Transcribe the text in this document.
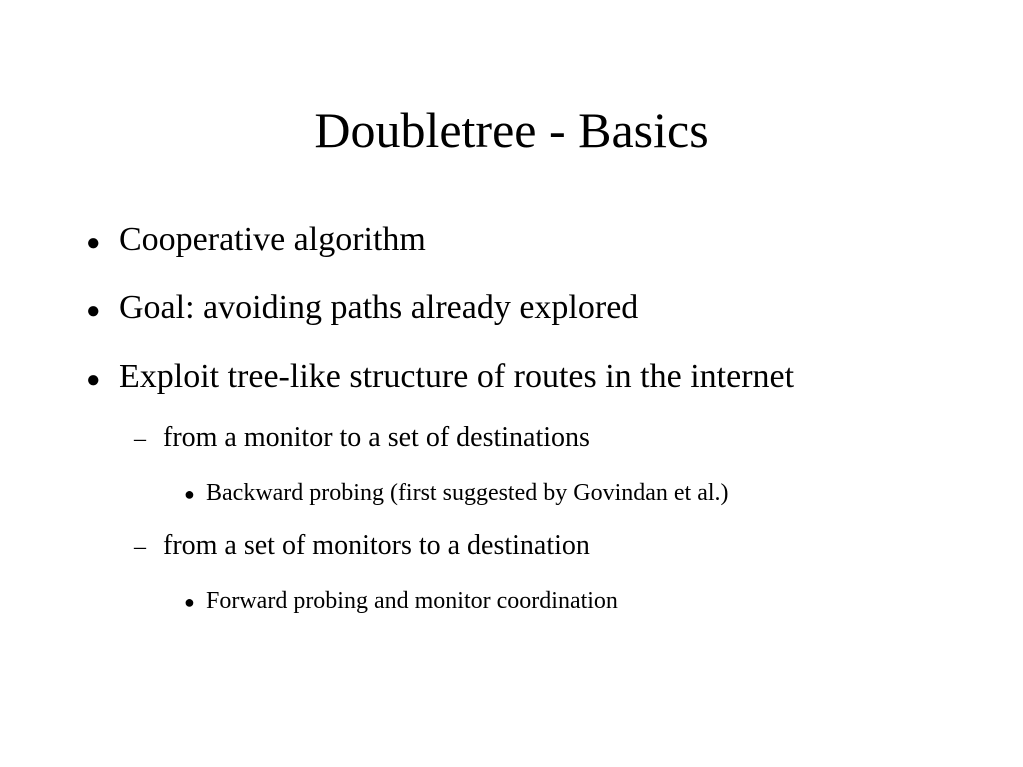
Doubletree - Basics
● Cooperative algorithm
● Goal: avoiding paths already explored
● Exploit tree-like structure of routes in the internet
– from a monitor to a set of destinations
● Backward probing (first suggested by Govindan et al.)
– from a set of monitors to a destination
● Forward probing and monitor coordination
